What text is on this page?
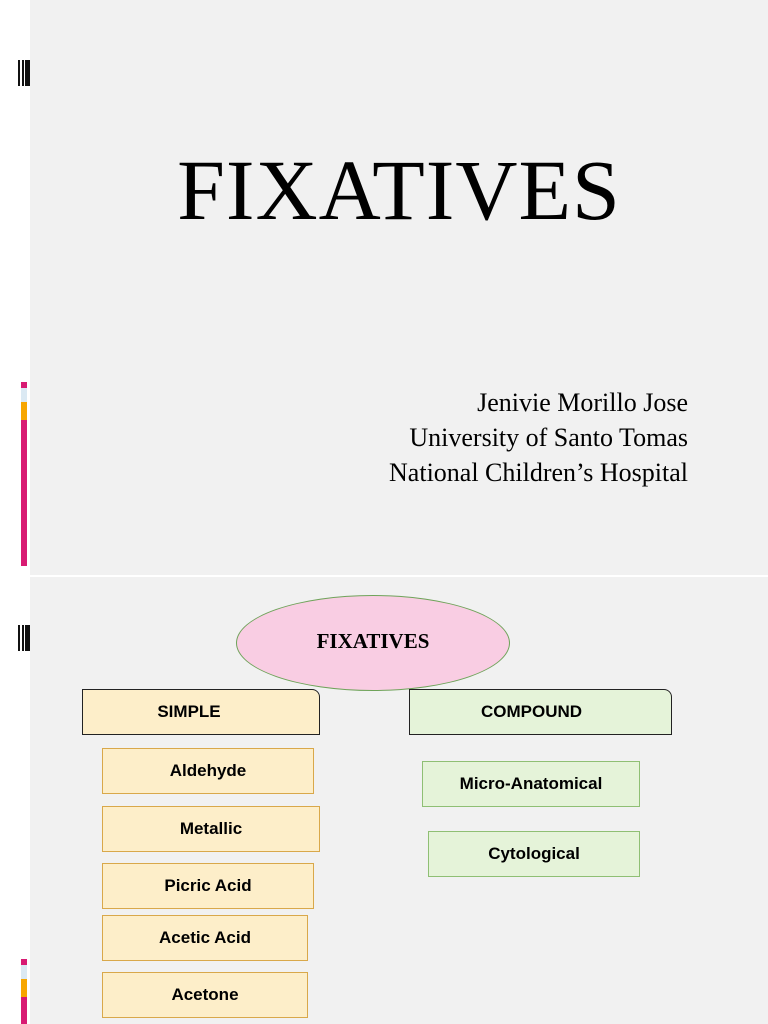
FIXATIVES
Jenivie Morillo Jose
University of Santo Tomas
National Children’s Hospital
FIXATIVES
SIMPLE	COMPOUND
Aldehyde
Metallic
Picric Acid
Acetic Acid
Acetone
Micro-Anatomical
Cytological
